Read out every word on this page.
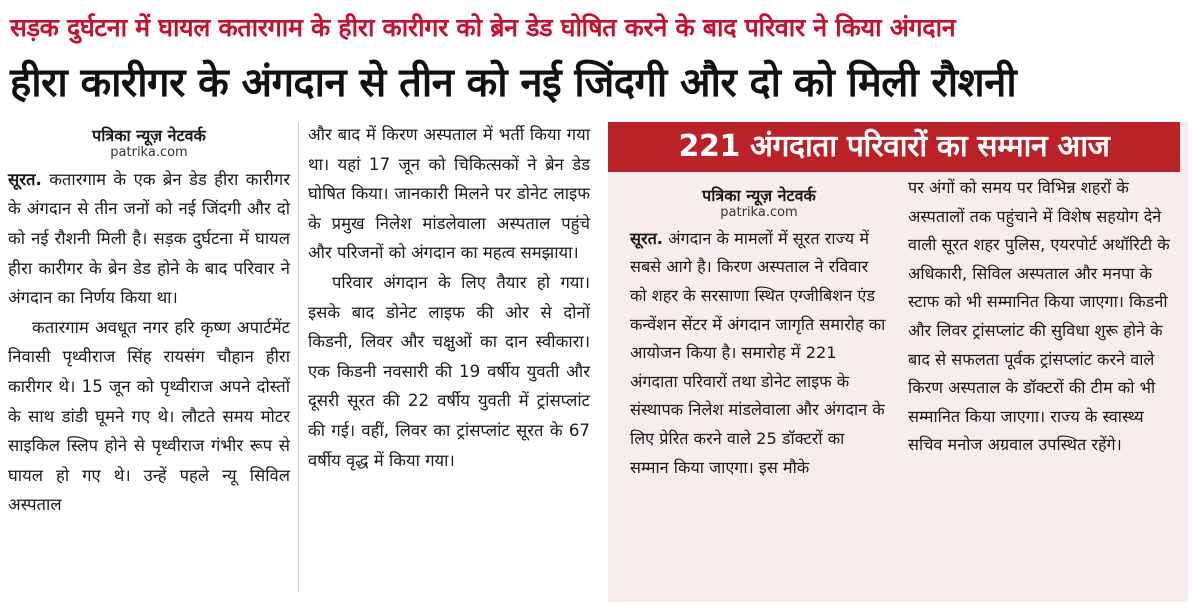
सड़क दुर्घटना में घायल कतारगाम के हीरा कारीगर को ब्रेन डेड घोषित करने के बाद परिवार ने किया अंगदान
हीरा कारीगर के अंगदान से तीन को नई जिंदगी और दो को मिली रौशनी
पत्रिका न्यूज़ नेटवर्क
patrika.com

सूरत. कतारगाम के एक ब्रेन डेड हीरा कारीगर के अंगदान से तीन जनों को नई जिंदगी और दो को नई रौशनी मिली है। सड़क दुर्घटना में घायल हीरा कारीगर के ब्रेन डेड होने के बाद परिवार ने अंगदान का निर्णय किया था।

कतारगाम अवधूत नगर हरि कृष्ण अपार्टमेंट निवासी पृथ्वीराज सिंह रायसंग चौहान हीरा कारीगर थे। 15 जून को पृथ्वीराज अपने दोस्तों के साथ डांडी घूमने गए थे। लौटते समय मोटर साइकिल स्लिप होने से पृथ्वीराज गंभीर रूप से घायल हो गए थे। उन्हें पहले न्यू सिविल अस्पताल

और बाद में किरण अस्पताल में भर्ती किया गया था। यहां 17 जून को चिकित्सकों ने ब्रेन डेड घोषित किया। जानकारी मिलने पर डोनेट लाइफ के प्रमुख निलेश मांडलेवाला अस्पताल पहुंचे और परिजनों को अंगदान का महत्व समझाया।

परिवार अंगदान के लिए तैयार हो गया। इसके बाद डोनेट लाइफ की ओर से दोनों किडनी, लिवर और चक्षुओं का दान स्वीकारा। एक किडनी नवसारी की 19 वर्षीय युवती और दूसरी सूरत की 22 वर्षीय युवती में ट्रांसप्लांट की गई। वहीं, लिवर का ट्रांसप्लांट सूरत के 67 वर्षीय वृद्ध में किया गया।

221 अंगदाता परिवारों का सम्मान आज
पत्रिका न्यूज़ नेटवर्क
patrika.com

सूरत. अंगदान के मामलों में सूरत राज्य में सबसे आगे है। किरण अस्पताल ने रविवार को शहर के सरसाणा स्थित एग्जीबिशन एंड कन्वेंशन सेंटर में अंगदान जागृति समारोह का आयोजन किया है। समारोह में 221 अंगदाता परिवारों तथा डोनेट लाइफ के संस्थापक निलेश मांडलेवाला और अंगदान के लिए प्रेरित करने वाले 25 डॉक्टरों का सम्मान किया जाएगा। इस मौके

पर अंगों को समय पर विभिन्न शहरों के अस्पतालों तक पहुंचाने में विशेष सहयोग देने वाली सूरत शहर पुलिस, एयरपोर्ट अथॉरिटी के अधिकारी, सिविल अस्पताल और मनपा के स्टाफ को भी सम्मानित किया जाएगा। किडनी और लिवर ट्रांसप्लांट की सुविधा शुरू होने के बाद से सफलता पूर्वक ट्रांसप्लांट करने वाले किरण अस्पताल के डॉक्टरों की टीम को भी सम्मानित किया जाएगा। राज्य के स्वास्थ्य सचिव मनोज अग्रवाल उपस्थित रहेंगे।
